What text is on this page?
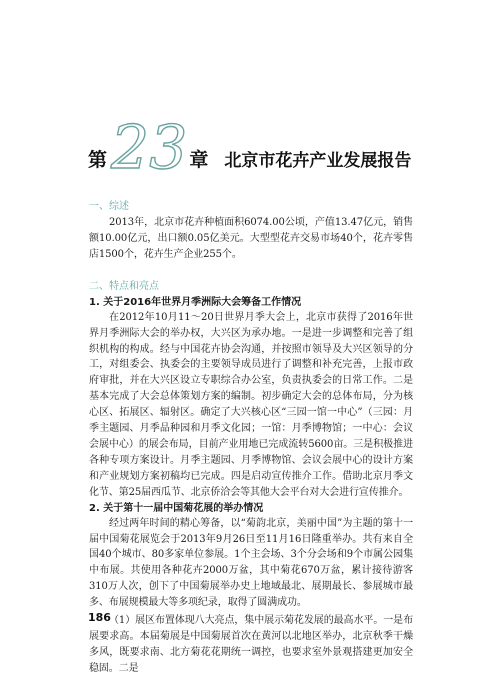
第 23 章 北京市花卉产业发展报告
一、综述

2013年，北京市花卉种植面积6074.00公顷，产值13.47亿元，销售额10.00亿元，出口额0.05亿美元。大型型花卉交易市场40个，花卉零售店1500个，花卉生产企业255个。

二、特点和亮点
1. 关于2016年世界月季洲际大会筹备工作情况

在2012年10月11～20日世界月季大会上，北京市获得了2016年世界月季洲际大会的举办权，大兴区为承办地。一是进一步调整和完善了组织机构的构成。经与中国花卉协会沟通，并按照市领导及大兴区领导的分工，对组委会、执委会的主要领导成员进行了调整和补充完善，上报市政府审批，并在大兴区设立专职综合办公室，负责执委会的日常工作。二是基本完成了大会总体策划方案的编制。初步确定大会的总体布局，分为核心区、拓展区、辐射区。确定了大兴核心区“三园一馆一中心”（三园：月季主题园、月季品种园和月季文化园；一馆：月季博物馆；一中心：会议会展中心）的展会布局，目前产业用地已完成流转5600亩。三是积极推进各种专项方案设计。月季主题园、月季博物馆、会议会展中心的设计方案和产业规划方案初稿均已完成。四是启动宣传推介工作。借助北京月季文化节、第25届西瓜节、北京侨洽会等其他大会平台对大会进行宣传推介。

2. 关于第十一届中国菊花展的举办情况

经过两年时间的精心筹备，以“菊韵北京，美丽中国”为主题的第十一届中国菊花展览会于2013年9月26日至11月16日隆重举办。共有来自全国40个城市、80多家单位参展。1个主会场、3个分会场和9个市属公园集中布展。共使用各种花卉2000万盆，其中菊花670万盆，累计接待游客310万人次，创下了中国菊展举办史上地域最北、展期最长、参展城市最多、布展规模最大等多项纪录，取得了圆满成功。

（1）展区布置体现八大亮点，集中展示菊花发展的最高水平。一是布展要求高。本届菊展是中国菊展首次在黄河以北地区举办，北京秋季干燥多风，既要求南、北方菊花花期统一调控，也要求室外景观搭建更加安全稳固。二是

186
